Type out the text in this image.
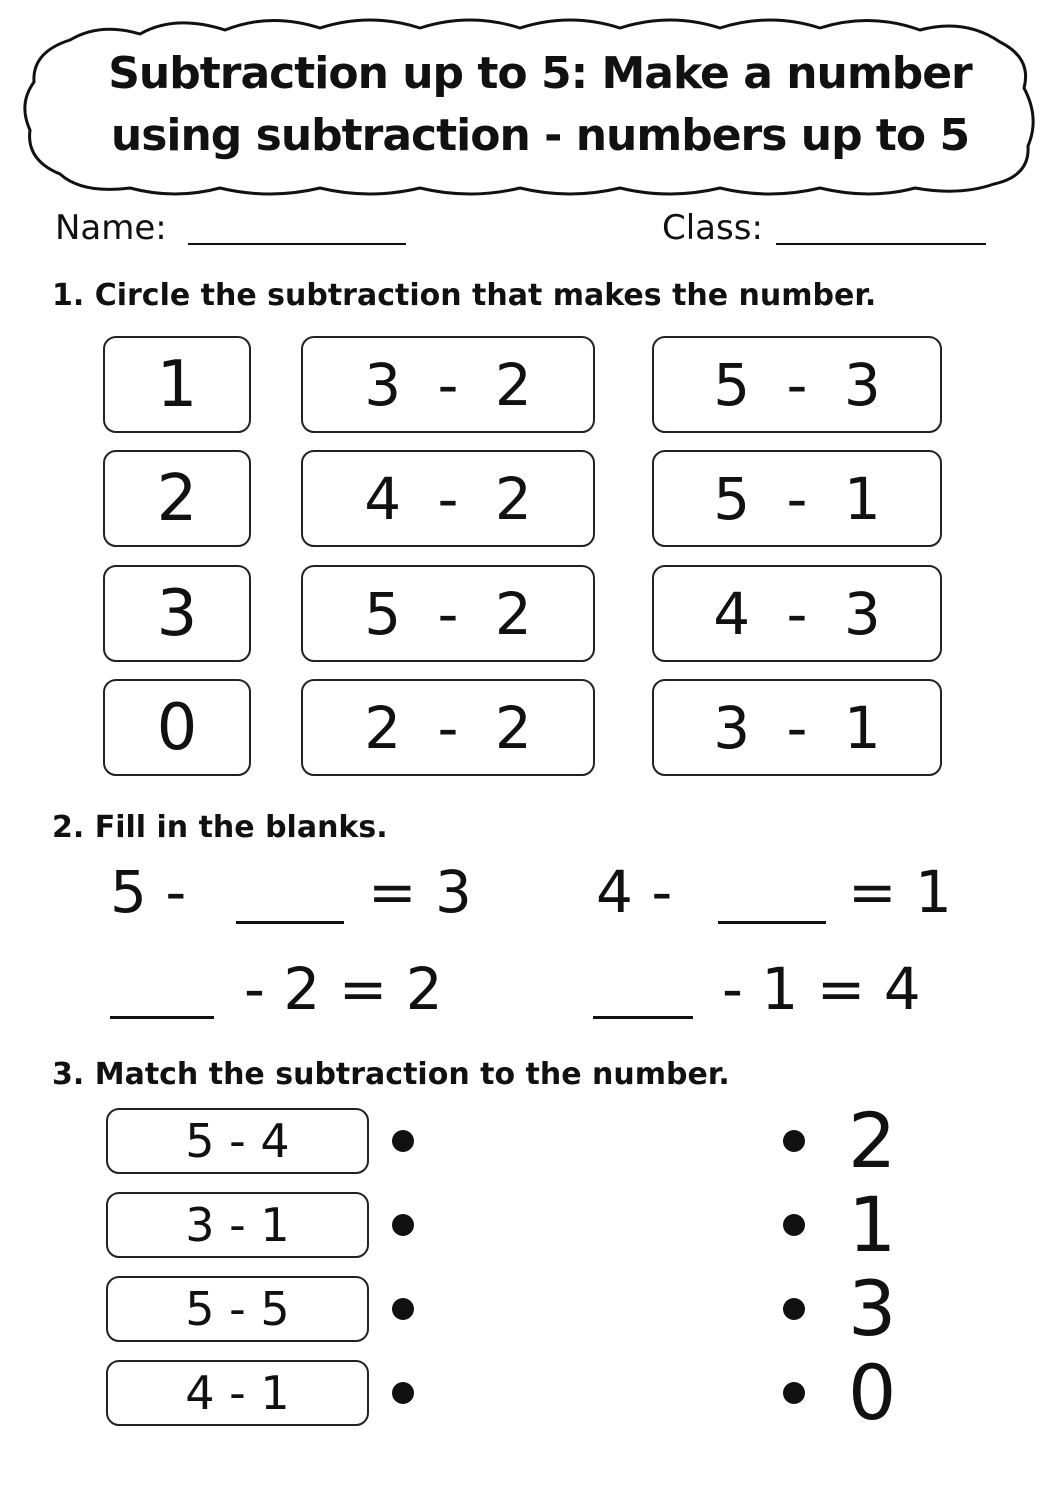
Subtraction up to 5: Make a number
using subtraction - numbers up to 5
Name:	Class:
1. Circle the subtraction that makes the number.
1	3 - 2	5 - 3
2	4 - 2	5 - 1
3	5 - 2	4 - 3
0	2 - 2	3 - 1
2. Fill in the blanks.
5 -	= 3 4 -	= 1
- 2 = 2	- 1 = 4
3. Match the subtraction to the number.
5 - 4	2
3 - 1	1
5 - 5	3
4 - 1	0
